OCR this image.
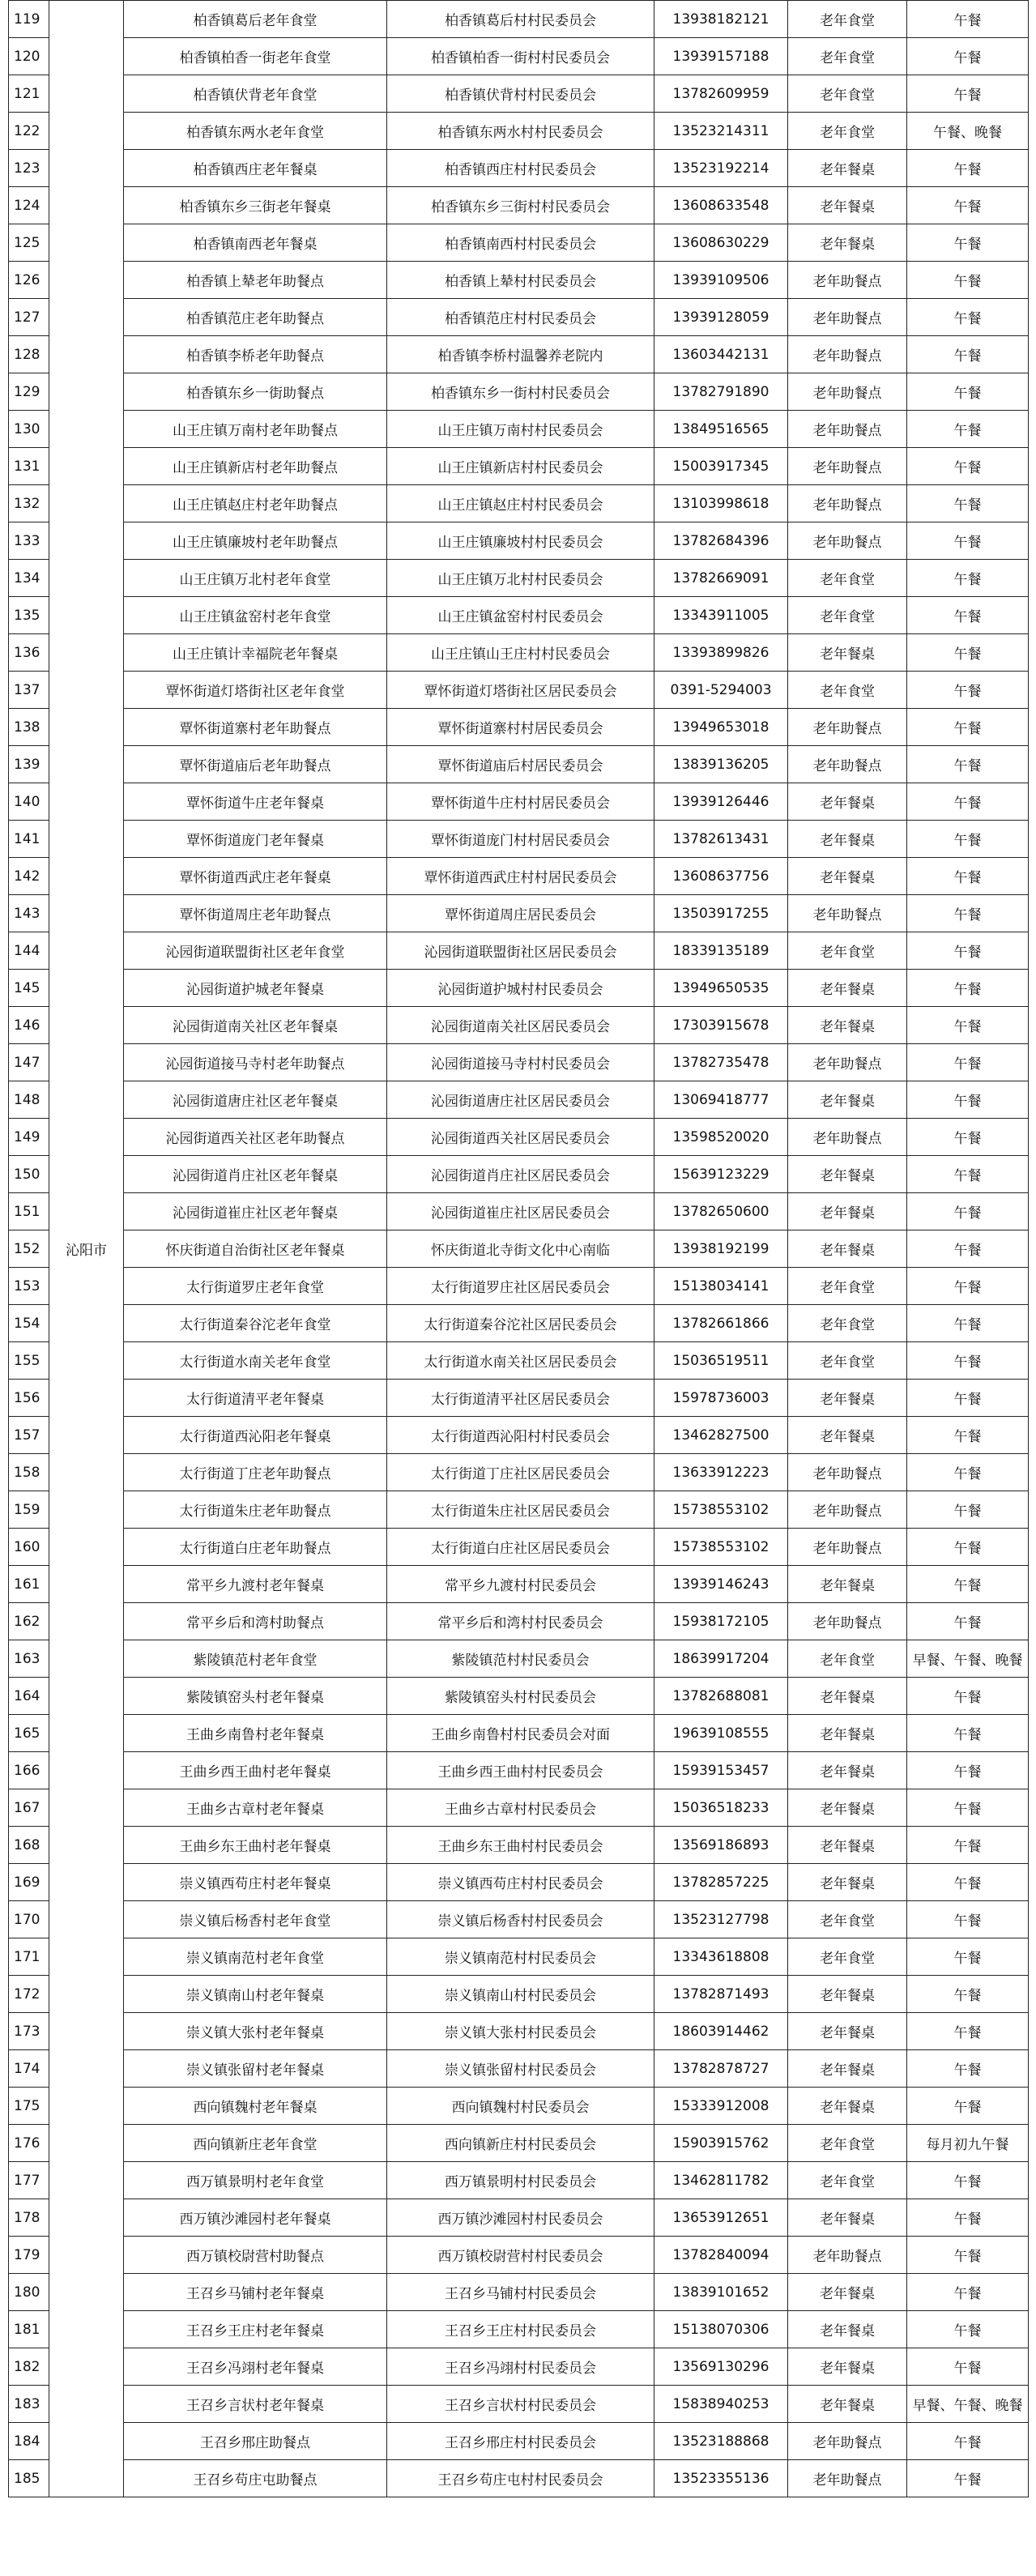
119	沁阳市	柏香镇葛后老年食堂	柏香镇葛后村村民委员会	13938182121	老年食堂	午餐
120		柏香镇柏香一街老年食堂	柏香镇柏香一街村村民委员会	13939157188	老年食堂	午餐
121		柏香镇伏背老年食堂	柏香镇伏背村村民委员会	13782609959	老年食堂	午餐
122		柏香镇东两水老年食堂	柏香镇东两水村村民委员会	13523214311	老年食堂	午餐、晚餐
123		柏香镇西庄老年餐桌	柏香镇西庄村村民委员会	13523192214	老年餐桌	午餐
124		柏香镇东乡三街老年餐桌	柏香镇东乡三街村村民委员会	13608633548	老年餐桌	午餐
125		柏香镇南西老年餐桌	柏香镇南西村村民委员会	13608630229	老年餐桌	午餐
126		柏香镇上辇老年助餐点	柏香镇上辇村村民委员会	13939109506	老年助餐点	午餐
127		柏香镇范庄老年助餐点	柏香镇范庄村村民委员会	13939128059	老年助餐点	午餐
128		柏香镇李桥老年助餐点	柏香镇李桥村温馨养老院内	13603442131	老年助餐点	午餐
129		柏香镇东乡一街助餐点	柏香镇东乡一街村村民委员会	13782791890	老年助餐点	午餐
130		山王庄镇万南村老年助餐点	山王庄镇万南村村民委员会	13849516565	老年助餐点	午餐
131		山王庄镇新店村老年助餐点	山王庄镇新店村村民委员会	15003917345	老年助餐点	午餐
132		山王庄镇赵庄村老年助餐点	山王庄镇赵庄村村民委员会	13103998618	老年助餐点	午餐
133		山王庄镇廉坡村老年助餐点	山王庄镇廉坡村村民委员会	13782684396	老年助餐点	午餐
134		山王庄镇万北村老年食堂	山王庄镇万北村村民委员会	13782669091	老年食堂	午餐
135		山王庄镇盆窑村老年食堂	山王庄镇盆窑村村民委员会	13343911005	老年食堂	午餐
136		山王庄镇计幸福院老年餐桌	山王庄镇山王庄村村民委员会	13393899826	老年餐桌	午餐
137		覃怀街道灯塔街社区老年食堂	覃怀街道灯塔街社区居民委员会	0391-5294003	老年食堂	午餐
138		覃怀街道寨村老年助餐点	覃怀街道寨村村居民委员会	13949653018	老年助餐点	午餐
139		覃怀街道庙后老年助餐点	覃怀街道庙后村居民委员会	13839136205	老年助餐点	午餐
140		覃怀街道牛庄老年餐桌	覃怀街道牛庄村村居民委员会	13939126446	老年餐桌	午餐
141		覃怀街道庞门老年餐桌	覃怀街道庞门村村居民委员会	13782613431	老年餐桌	午餐
142		覃怀街道西武庄老年餐桌	覃怀街道西武庄村村居民委员会	13608637756	老年餐桌	午餐
143		覃怀街道周庄老年助餐点	覃怀街道周庄居民委员会	13503917255	老年助餐点	午餐
144		沁园街道联盟街社区老年食堂	沁园街道联盟街社区居民委员会	18339135189	老年食堂	午餐
145		沁园街道护城老年餐桌	沁园街道护城村村民委员会	13949650535	老年餐桌	午餐
146		沁园街道南关社区老年餐桌	沁园街道南关社区居民委员会	17303915678	老年餐桌	午餐
147		沁园街道接马寺村老年助餐点	沁园街道接马寺村村民委员会	13782735478	老年助餐点	午餐
148		沁园街道唐庄社区老年餐桌	沁园街道唐庄社区居民委员会	13069418777	老年餐桌	午餐
149		沁园街道西关社区老年助餐点	沁园街道西关社区居民委员会	13598520020	老年助餐点	午餐
150		沁园街道肖庄社区老年餐桌	沁园街道肖庄社区居民委员会	15639123229	老年餐桌	午餐
151		沁园街道崔庄社区老年餐桌	沁园街道崔庄社区居民委员会	13782650600	老年餐桌	午餐
152		怀庆街道自治街社区老年餐桌	怀庆街道北寺街文化中心南临	13938192199	老年餐桌	午餐
153		太行街道罗庄老年食堂	太行街道罗庄社区居民委员会	15138034141	老年食堂	午餐
154		太行街道秦谷沱老年食堂	太行街道秦谷沱社区居民委员会	13782661866	老年食堂	午餐
155		太行街道水南关老年食堂	太行街道水南关社区居民委员会	15036519511	老年食堂	午餐
156		太行街道清平老年餐桌	太行街道清平社区居民委员会	15978736003	老年餐桌	午餐
157		太行街道西沁阳老年餐桌	太行街道西沁阳村村民委员会	13462827500	老年餐桌	午餐
158		太行街道丁庄老年助餐点	太行街道丁庄社区居民委员会	13633912223	老年助餐点	午餐
159		太行街道朱庄老年助餐点	太行街道朱庄社区居民委员会	15738553102	老年助餐点	午餐
160		太行街道白庄老年助餐点	太行街道白庄社区居民委员会	15738553102	老年助餐点	午餐
161		常平乡九渡村老年餐桌	常平乡九渡村村民委员会	13939146243	老年餐桌	午餐
162		常平乡后和湾村助餐点	常平乡后和湾村村民委员会	15938172105	老年助餐点	午餐
163		紫陵镇范村老年食堂	紫陵镇范村村民委员会	18639917204	老年食堂	早餐、午餐、晚餐
164		紫陵镇窑头村老年餐桌	紫陵镇窑头村村民委员会	13782688081	老年餐桌	午餐
165		王曲乡南鲁村老年餐桌	王曲乡南鲁村村民委员会对面	19639108555	老年餐桌	午餐
166		王曲乡西王曲村老年餐桌	王曲乡西王曲村村民委员会	15939153457	老年餐桌	午餐
167		王曲乡古章村老年餐桌	王曲乡古章村村民委员会	15036518233	老年餐桌	午餐
168		王曲乡东王曲村老年餐桌	王曲乡东王曲村村民委员会	13569186893	老年餐桌	午餐
169		崇义镇西苟庄村老年餐桌	崇义镇西苟庄村村民委员会	13782857225	老年餐桌	午餐
170		崇义镇后杨香村老年食堂	崇义镇后杨香村村民委员会	13523127798	老年食堂	午餐
171		崇义镇南范村老年食堂	崇义镇南范村村民委员会	13343618808	老年食堂	午餐
172		崇义镇南山村老年餐桌	崇义镇南山村村民委员会	13782871493	老年餐桌	午餐
173		崇义镇大张村老年餐桌	崇义镇大张村村民委员会	18603914462	老年餐桌	午餐
174		崇义镇张留村老年餐桌	崇义镇张留村村民委员会	13782878727	老年餐桌	午餐
175		西向镇魏村老年餐桌	西向镇魏村村民委员会	15333912008	老年餐桌	午餐
176		西向镇新庄老年食堂	西向镇新庄村村民委员会	15903915762	老年食堂	每月初九午餐
177		西万镇景明村老年食堂	西万镇景明村村民委员会	13462811782	老年食堂	午餐
178		西万镇沙滩园村老年餐桌	西万镇沙滩园村村民委员会	13653912651	老年餐桌	午餐
179		西万镇校尉营村助餐点	西万镇校尉营村村民委员会	13782840094	老年助餐点	午餐
180		王召乡马铺村老年餐桌	王召乡马铺村村民委员会	13839101652	老年餐桌	午餐
181		王召乡王庄村老年餐桌	王召乡王庄村村民委员会	15138070306	老年餐桌	午餐
182		王召乡冯翊村老年餐桌	王召乡冯翊村村民委员会	13569130296	老年餐桌	午餐
183		王召乡言状村老年餐桌	王召乡言状村村民委员会	15838940253	老年餐桌	早餐、午餐、晚餐
184		王召乡邢庄助餐点	王召乡邢庄村村民委员会	13523188868	老年助餐点	午餐
185		王召乡苟庄屯助餐点	王召乡苟庄屯村村民委员会	13523355136	老年助餐点	午餐
